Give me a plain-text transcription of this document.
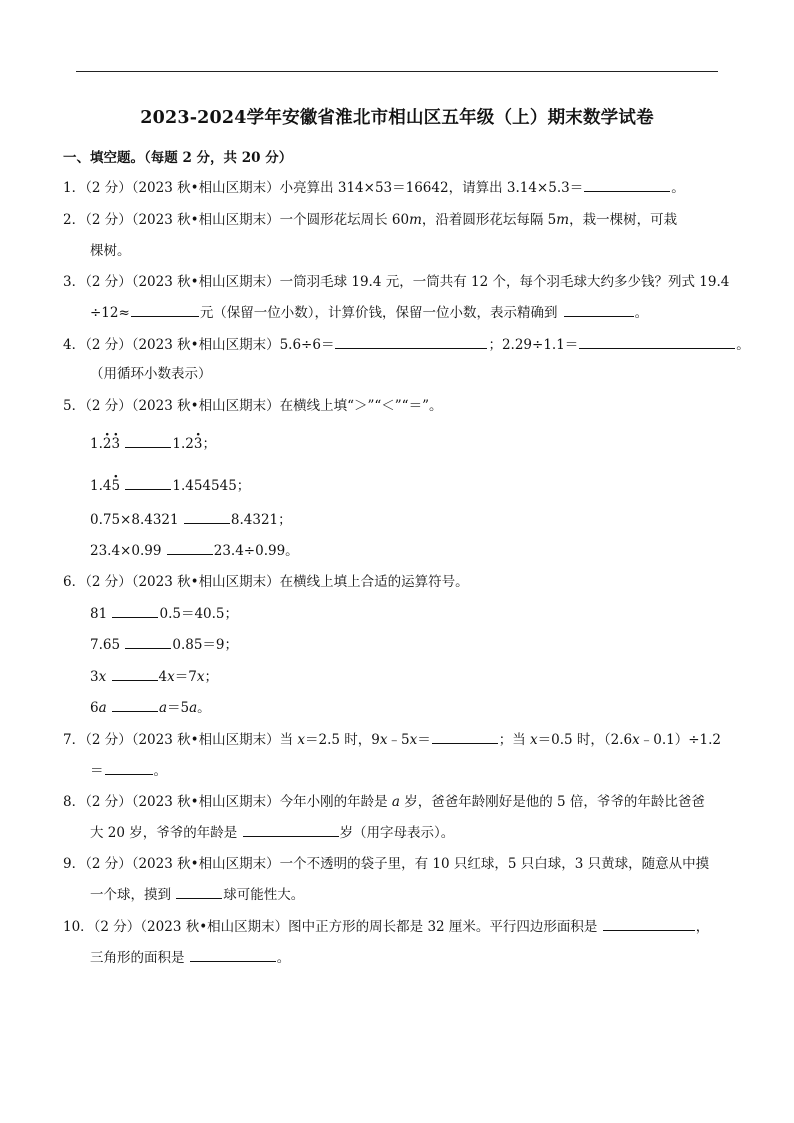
2023-2024学年安徽省淮北市相山区五年级（上）期末数学试卷
一、填空题。（每题 2 分，共 20 分）
1．（2 分）（2023 秋•相山区期末）小亮算出 314×53＝16642，请算出 3.14×5.3＝	。
2．（2 分）（2023 秋•相山区期末）一个圆形花坛周长 60m，沿着圆形花坛每隔 5m，栽一棵树，可栽
棵树。
3．（2 分）（2023 秋•相山区期末）一筒羽毛球 19.4 元，一筒共有 12 个，每个羽毛球大约多少钱？列式 19.4
÷12≈	元（保留一位小数），计算价钱，保留一位小数，表示精确到	。
4．（2 分）（2023 秋•相山区期末）5.6÷6＝	；2.29÷1.1＝	。
（用循环小数表示）
5．（2 分）（2023 秋•相山区期末）在横线上填“＞”“＜”“＝”。
1.· 2· 3	1.2· 3；
1.4· 5	1.454545；
0.75×8.4321	8.4321；
23.4×0.99	23.4÷0.99。
6．（2 分）（2023 秋•相山区期末）在横线上填上合适的运算符号。
81	0.5＝40.5；
7.65	0.85＝9；
3x	4x＝7x；
6a	a＝5a。
7．（2 分）（2023 秋•相山区期末）当 x＝2.5 时，9x﹣5x＝	；当 x＝0.5 时，（2.6x﹣0.1）÷1.2
＝	。
8．（2 分）（2023 秋•相山区期末）今年小刚的年龄是 a 岁，爸爸年龄刚好是他的 5 倍，爷爷的年龄比爸爸
大 20 岁，爷爷的年龄是	岁（用字母表示）。
9．（2 分）（2023 秋•相山区期末）一个不透明的袋子里，有 10 只红球，5 只白球，3 只黄球，随意从中摸
一个球，摸到	球可能性大。
10．（2 分）（2023 秋•相山区期末）图中正方形的周长都是 32 厘米。平行四边形面积是	，
三角形的面积是	。
